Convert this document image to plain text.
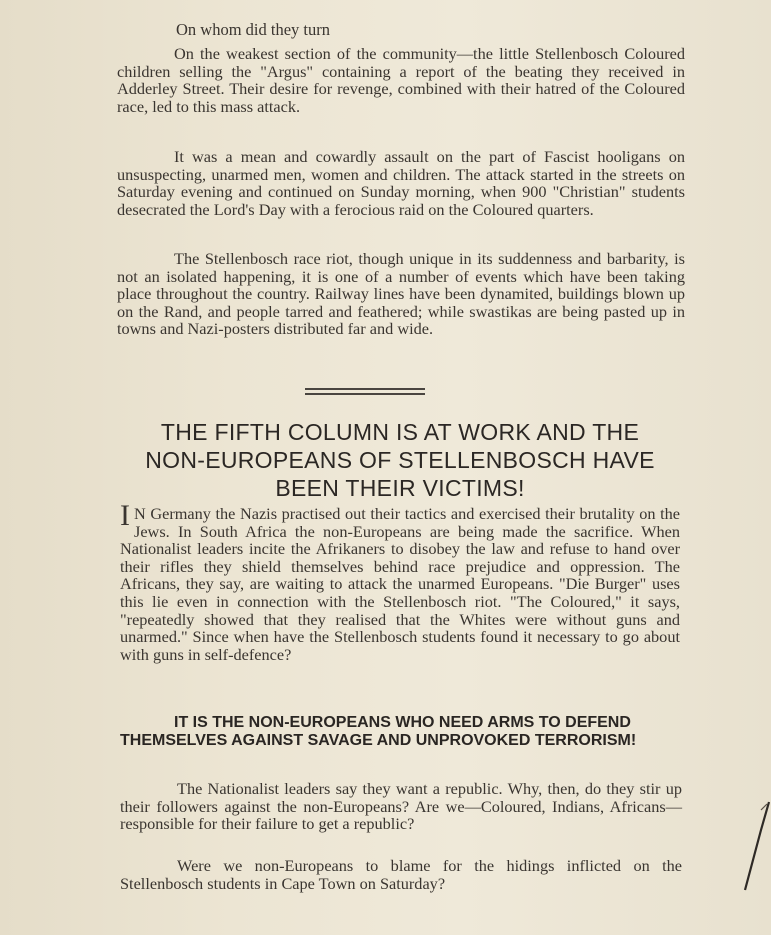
On whom did they turn
On the weakest section of the community—the little Stellenbosch Coloured children selling the "Argus" containing a report of the beating they received in Adderley Street. Their desire for revenge, combined with their hatred of the Coloured race, led to this mass attack.
It was a mean and cowardly assault on the part of Fascist hooligans on unsuspecting, unarmed men, women and children. The attack started in the streets on Saturday evening and continued on Sunday morning, when 900 "Christian" students desecrated the Lord's Day with a ferocious raid on the Coloured quarters.
The Stellenbosch race riot, though unique in its suddenness and barbarity, is not an isolated happening, it is one of a number of events which have been taking place throughout the country. Railway lines have been dynamited, buildings blown up on the Rand, and people tarred and feathered; while swastikas are being pasted up in towns and Nazi-posters distributed far and wide.
THE FIFTH COLUMN IS AT WORK AND THE
NON-EUROPEANS OF STELLENBOSCH HAVE
BEEN THEIR VICTIMS!
I N Germany the Nazis practised out their tactics and exercised their brutality on the Jews. In South Africa the non-Europeans are being made the sacrifice. When Nationalist leaders incite the Afrikaners to disobey the law and refuse to hand over their rifles they shield themselves behind race prejudice and oppression. The Africans, they say, are waiting to attack the unarmed Europeans. "Die Burger" uses this lie even in connection with the Stellenbosch riot. "The Coloured," it says, "repeatedly showed that they realised that the Whites were without guns and unarmed." Since when have the Stellenbosch students found it necessary to go about with guns in self-defence?
IT IS THE NON-EUROPEANS WHO NEED ARMS TO DEFEND THEMSELVES AGAINST SAVAGE AND UNPROVOKED TERRORISM!
The Nationalist leaders say they want a republic. Why, then, do they stir up their followers against the non-Europeans? Are we—Coloured, Indians, Africans—responsible for their failure to get a republic?
Were we non-Europeans to blame for the hidings inflicted on the Stellenbosch students in Cape Town on Saturday?
